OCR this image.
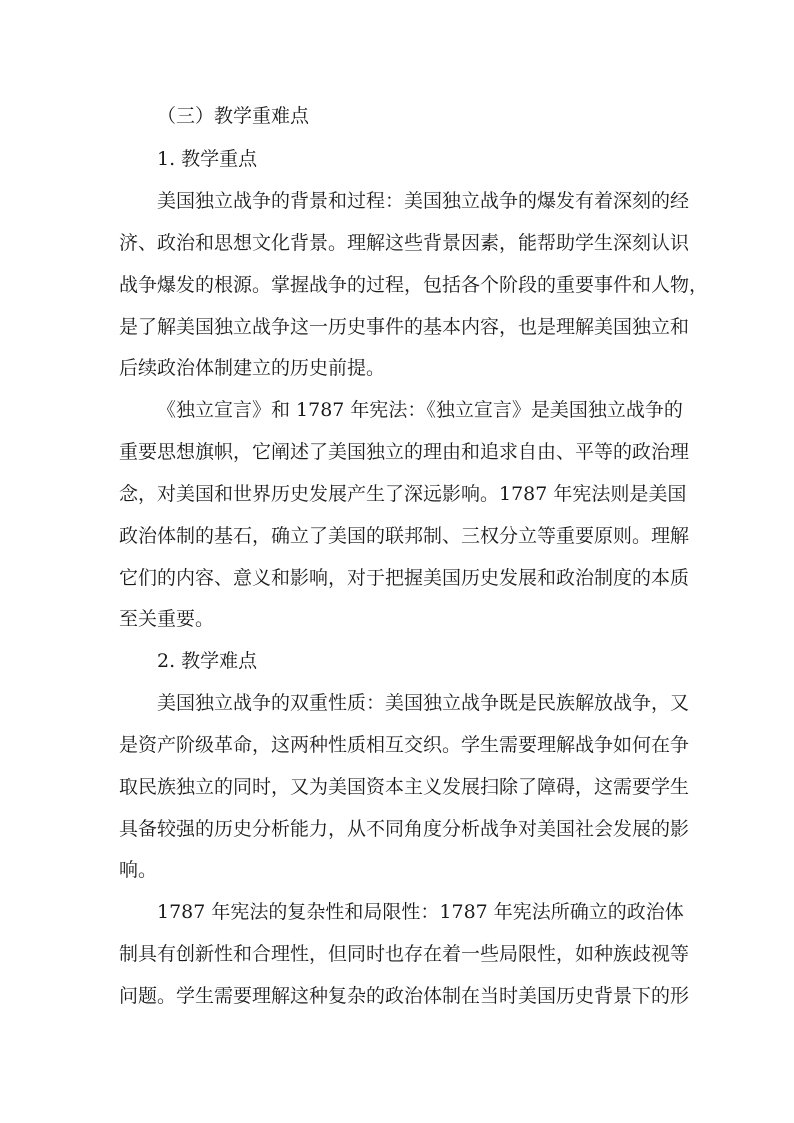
（三）教学重难点
1. 教学重点
美国独立战争的背景和过程：美国独立战争的爆发有着深刻的经
济、政治和思想文化背景。理解这些背景因素，能帮助学生深刻认识
战争爆发的根源。掌握战争的过程，包括各个阶段的重要事件和人物，
是了解美国独立战争这一历史事件的基本内容，也是理解美国独立和
后续政治体制建立的历史前提。
《独立宣言》和 1787 年宪法：《独立宣言》是美国独立战争的
重要思想旗帜，它阐述了美国独立的理由和追求自由、平等的政治理
念，对美国和世界历史发展产生了深远影响。1787 年宪法则是美国
政治体制的基石，确立了美国的联邦制、三权分立等重要原则。理解
它们的内容、意义和影响，对于把握美国历史发展和政治制度的本质
至关重要。
2. 教学难点
美国独立战争的双重性质：美国独立战争既是民族解放战争，又
是资产阶级革命，这两种性质相互交织。学生需要理解战争如何在争
取民族独立的同时，又为美国资本主义发展扫除了障碍，这需要学生
具备较强的历史分析能力，从不同角度分析战争对美国社会发展的影
响。
1787 年宪法的复杂性和局限性：1787 年宪法所确立的政治体
制具有创新性和合理性，但同时也存在着一些局限性，如种族歧视等
问题。学生需要理解这种复杂的政治体制在当时美国历史背景下的形
